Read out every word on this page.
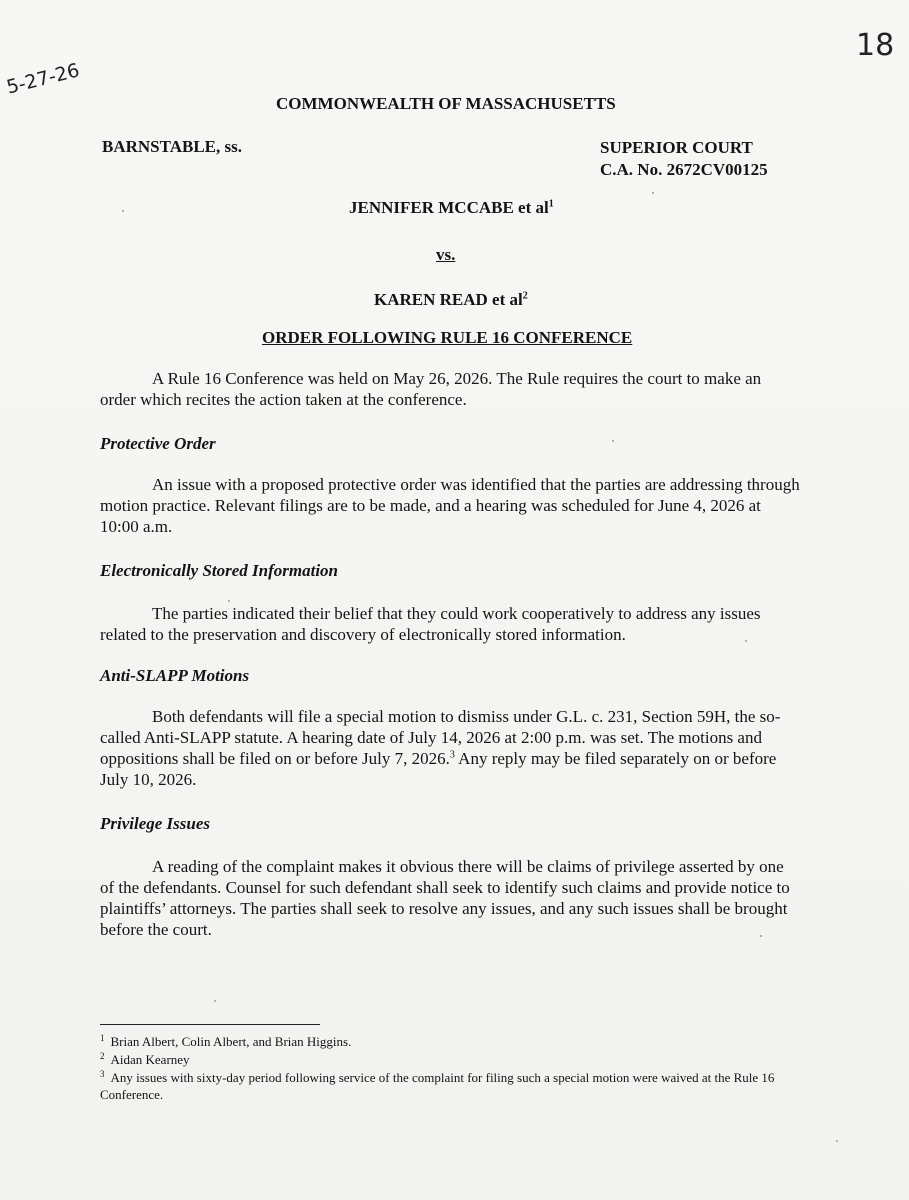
5-27-26
18
COMMONWEALTH OF MASSACHUSETTS
BARNSTABLE, ss.	SUPERIOR COURT
C.A. No. 2672CV00125
JENNIFER MCCABE et $al^1$
vs.
KAREN READ et $al^2$
ORDER FOLLOWING RULE 16 CONFERENCE

A Rule 16 Conference was held on May 26, 2026. The Rule requires the court to make an order which recites the action taken at the conference.

Protective Order

An issue with a proposed protective order was identified that the parties are addressing through motion practice. Relevant filings are to be made, and a hearing was scheduled for June 4, 2026 at 10:00 a.m.

Electronically Stored Information

The parties indicated their belief that they could work cooperatively to address any issues related to the preservation and discovery of electronically stored information.

Anti-SLAPP Motions

Both defendants will file a special motion to dismiss under G.L. c. 231, Section 59H, the so-called Anti-SLAPP statute. A hearing date of July 14, 2026 at 2:00 p.m. was set. The motions and oppositions shall be filed on or before July 7, 2026.$^3$ Any reply may be filed separately on or before July 10, 2026.

Privilege Issues

A reading of the complaint makes it obvious there will be claims of privilege asserted by one of the defendants. Counsel for such defendant shall seek to identify such claims and provide notice to plaintiffs’ attorneys. The parties shall seek to resolve any issues, and any such issues shall be brought before the court.

$^1$ Brian Albert, Colin Albert, and Brian Higgins.

$^2$ Aidan Kearney

$^3$ Any issues with sixty-day period following service of the complaint for filing such a special motion were waived at the Rule 16 Conference.
